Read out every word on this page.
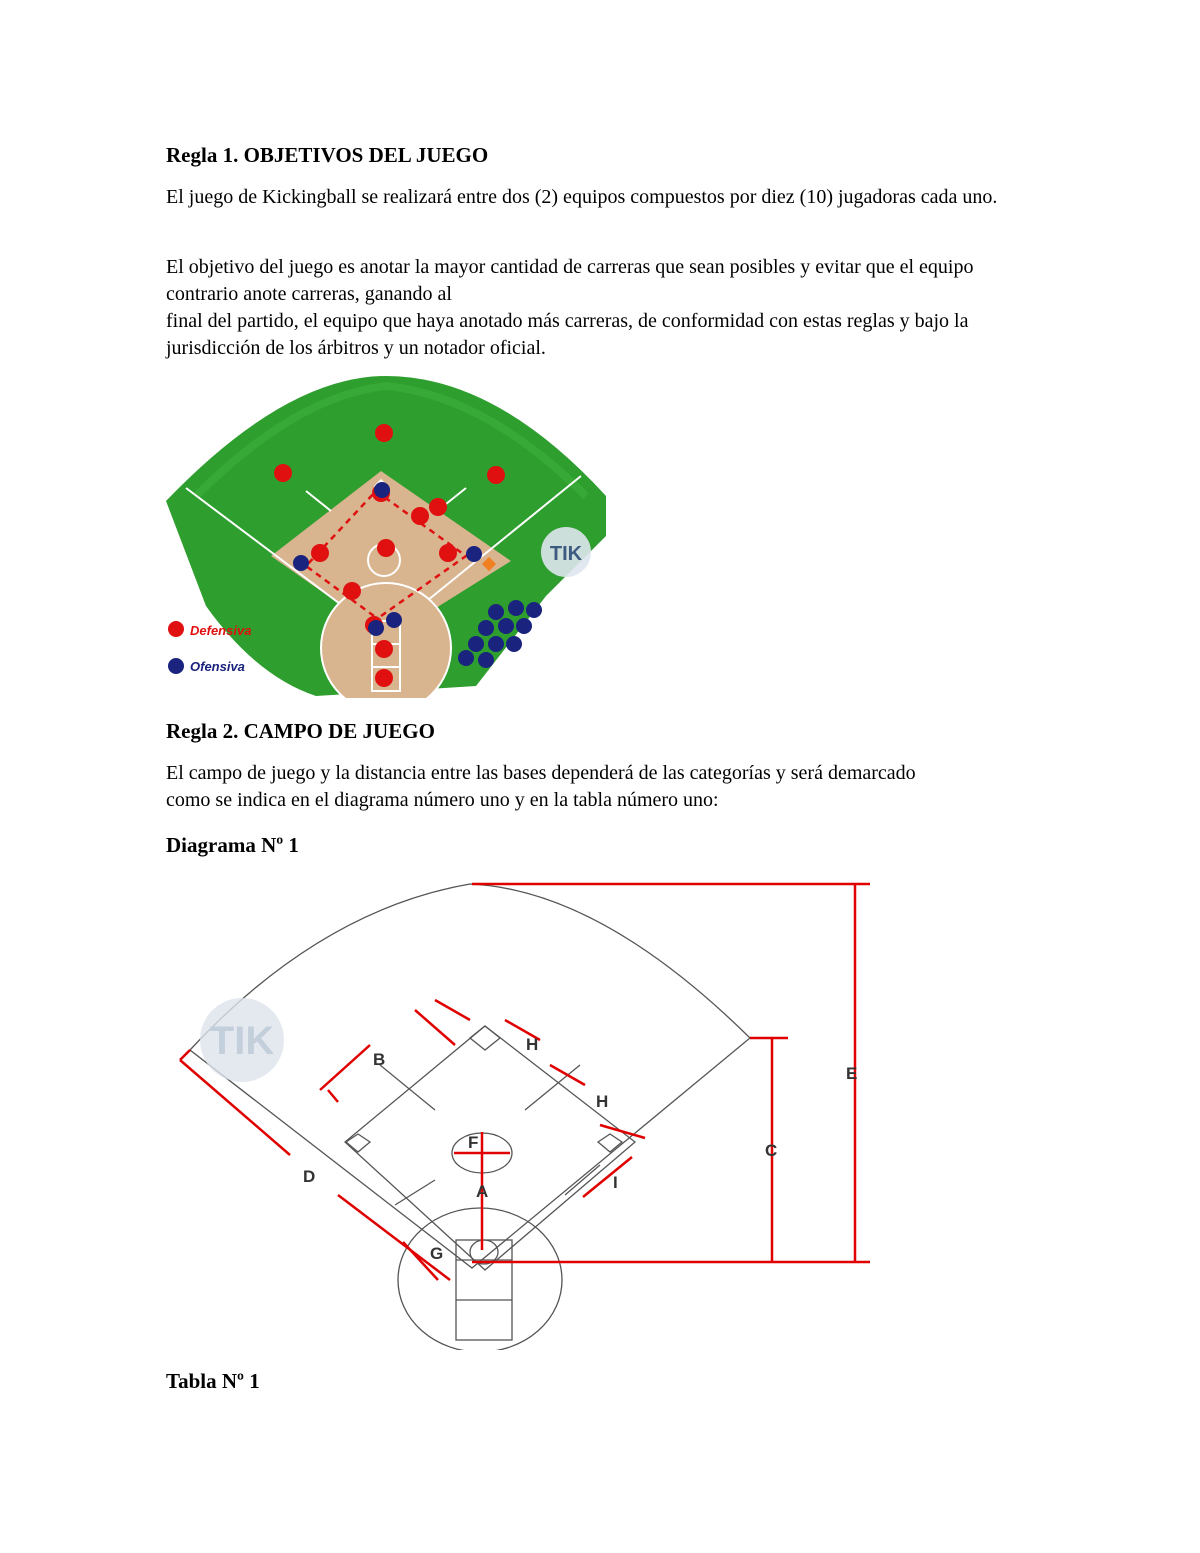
Regla 1. OBJETIVOS DEL JUEGO

El juego de Kickingball se realizará entre dos (2) equipos compuestos por diez (10) jugadoras cada uno.

El objetivo del juego es anotar la mayor cantidad de carreras que sean posibles y evitar que el equipo contrario anote carreras, ganando al

final del partido, el equipo que haya anotado más carreras, de conformidad con estas reglas y bajo la jurisdicción de los árbitros y un notador oficial.

TIK
Defensiva
Ofensiva
Regla 2. CAMPO DE JUEGO

El campo de juego y la distancia entre las bases dependerá de las categorías y será demarcado como se indica en el diagrama número uno y en la tabla número uno:

Diagrama Nº 1
TIK
A
B
C
D
E
F
G
H
H
I
Tabla Nº 1
